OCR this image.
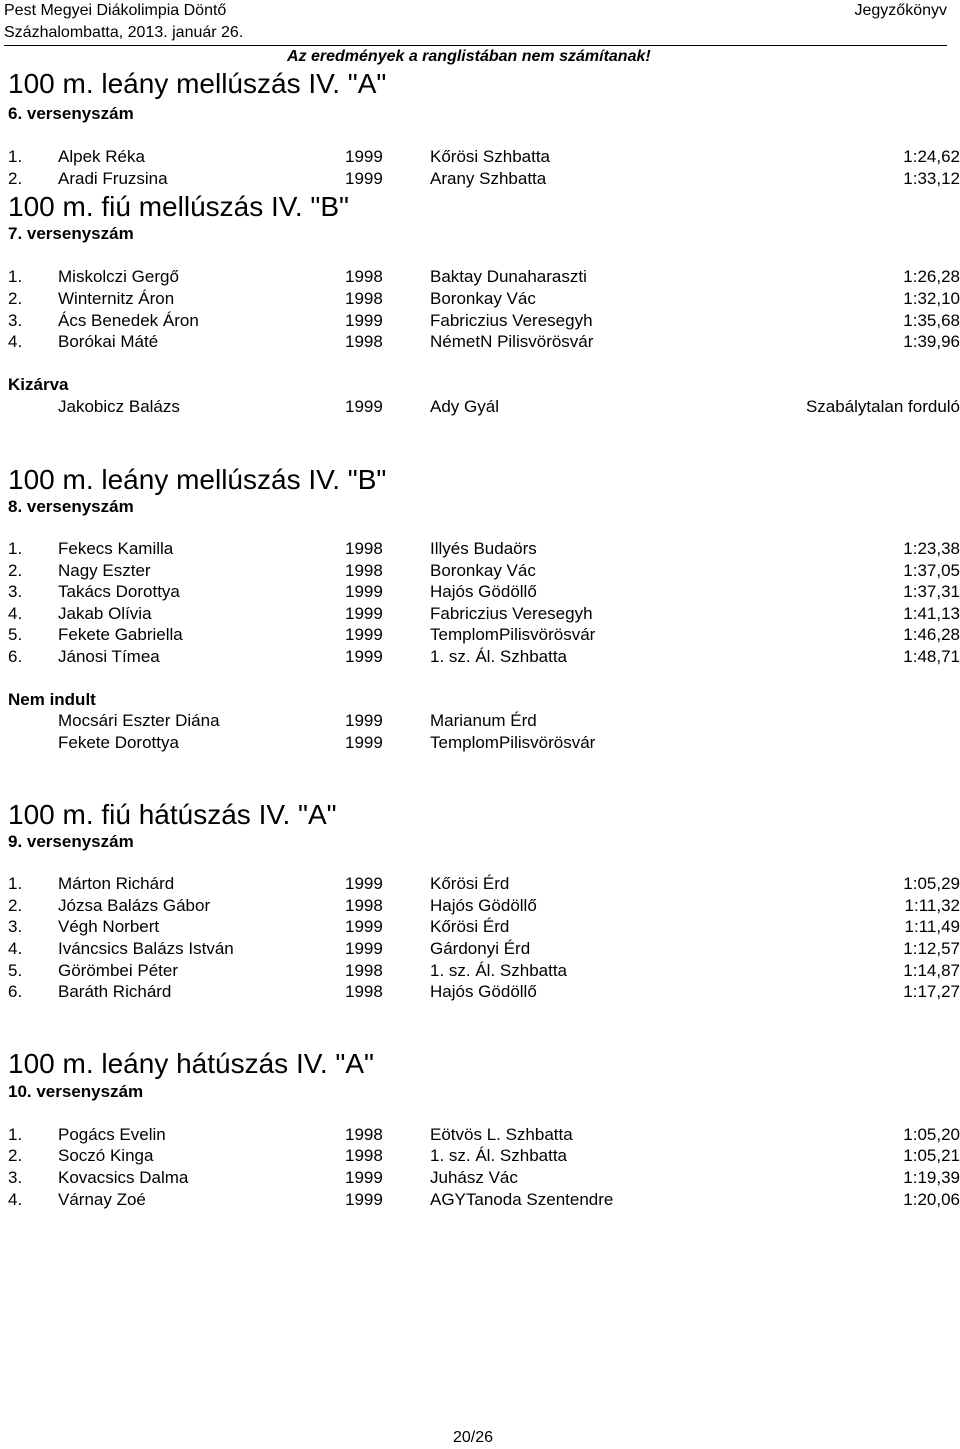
Pest Megyei Diákolimpia Döntő
Százhalombatta, 2013. január 26.
Jegyzőkönyv
Az eredmények a ranglistában nem számítanak!
100 m. leány mellúszás IV. "A"
6. versenyszám
1. Alpek Réka	1999	Kőrösi Szhbatta	1:24,62
2. Aradi Fruzsina	1999	Arany Szhbatta	1:33,12
100 m. fiú mellúszás IV. "B"
7. versenyszám
1. Miskolczi Gergő	1998	Baktay Dunaharaszti	1:26,28
2. Winternitz Áron	1998	Boronkay Vác	1:32,10
3. Ács Benedek Áron	1999	Fabriczius Veresegyh	1:35,68
4. Borókai Máté	1998	NémetN Pilisvörösvár	1:39,96
Kizárva
Jakobicz Balázs	1999	Ady Gyál	Szabálytalan forduló
100 m. leány mellúszás IV. "B"
8. versenyszám
1. Fekecs Kamilla	1998	Illyés Budaörs	1:23,38
2. Nagy Eszter	1998	Boronkay Vác	1:37,05
3. Takács Dorottya	1999	Hajós Gödöllő	1:37,31
4. Jakab Olívia	1999	Fabriczius Veresegyh	1:41,13
5. Fekete Gabriella	1999	TemplomPilisvörösvár	1:46,28
6. Jánosi Tímea	1999	1. sz. Ál. Szhbatta	1:48,71
Nem indult
Mocsári Eszter Diána	1999	Marianum Érd
Fekete Dorottya	1999	TemplomPilisvörösvár
100 m. fiú hátúszás IV. "A"
9. versenyszám
1. Márton Richárd	1999	Kőrösi Érd	1:05,29
2. Józsa Balázs Gábor	1998	Hajós Gödöllő	1:11,32
3. Végh Norbert	1999	Kőrösi Érd	1:11,49
4. Iváncsics Balázs István	1999	Gárdonyi Érd	1:12,57
5. Görömbei Péter	1998	1. sz. Ál. Szhbatta	1:14,87
6. Baráth Richárd	1998	Hajós Gödöllő	1:17,27
100 m. leány hátúszás IV. "A"
10. versenyszám
1. Pogács Evelin	1998	Eötvös L. Szhbatta	1:05,20
2. Soczó Kinga	1998	1. sz. Ál. Szhbatta	1:05,21
3. Kovacsics Dalma	1999	Juhász Vác	1:19,39
4. Várnay Zoé	1999	AGYTanoda Szentendre	1:20,06
20/26
